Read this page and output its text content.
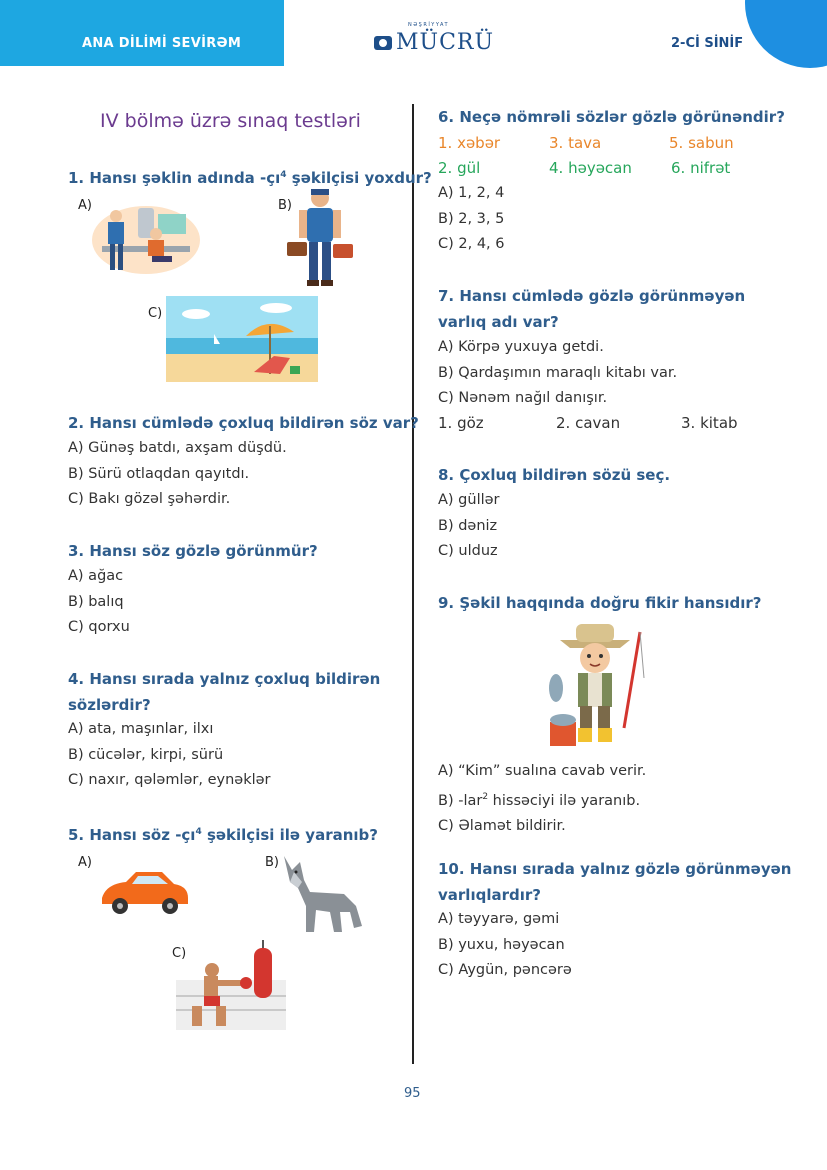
ANA DİLİMİ SEVİRƏM
NƏŞRİYYAT
MÜCRÜ	2-Cİ SİNİF
IV bölmə üzrə sınaq testləri
1. Hansı şəklin adında $-çı^4$ şəkilçisi yoxdur?
A)	B)
C)
2. Hansı cümlədə çoxluq bildirən söz var?
A) Günəş batdı, axşam düşdü.
B) Sürü otlaqdan qayıtdı.
C) Bakı gözəl şəhərdir.
3. Hansı söz gözlə görünmür?
A) ağac
B) balıq
C) qorxu
4. Hansı sırada yalnız çoxluq bildirən
sözlərdir?
A) ata, maşınlar, ilxı
B) cücələr, kirpi, sürü
C) naxır, qələmlər, eynəklər
5. Hansı söz $-çı^4$ şəkilçisi ilə yaranıb?
A)	B)
C)
6. Neçə nömrəli sözlər gözlə görünəndir?
1. xəbər	3. tava	5. sabun
2. gül	4. həyəcan	6. nifrət
A) 1, 2, 4
B) 2, 3, 5
C) 2, 4, 6
7. Hansı cümlədə gözlə görünməyən
varlıq adı var?
A) Körpə yuxuya getdi.
B) Qardaşımın maraqlı kitabı var.
C) Nənəm nağıl danışır.
1. göz	2. cavan	3. kitab
8. Çoxluq bildirən sözü seç.
A) güllər
B) dəniz
C) ulduz
9. Şəkil haqqında doğru fikir hansıdır?
A) “Kim” sualına cavab verir.
B) -lar$^2$ hissəciyi ilə yaranıb.
C) Əlamət bildirir.
10. Hansı sırada yalnız gözlə görünməyən
varlıqlardır?
A) təyyarə, gəmi
B) yuxu, həyəcan
C) Aygün, pəncərə
95
